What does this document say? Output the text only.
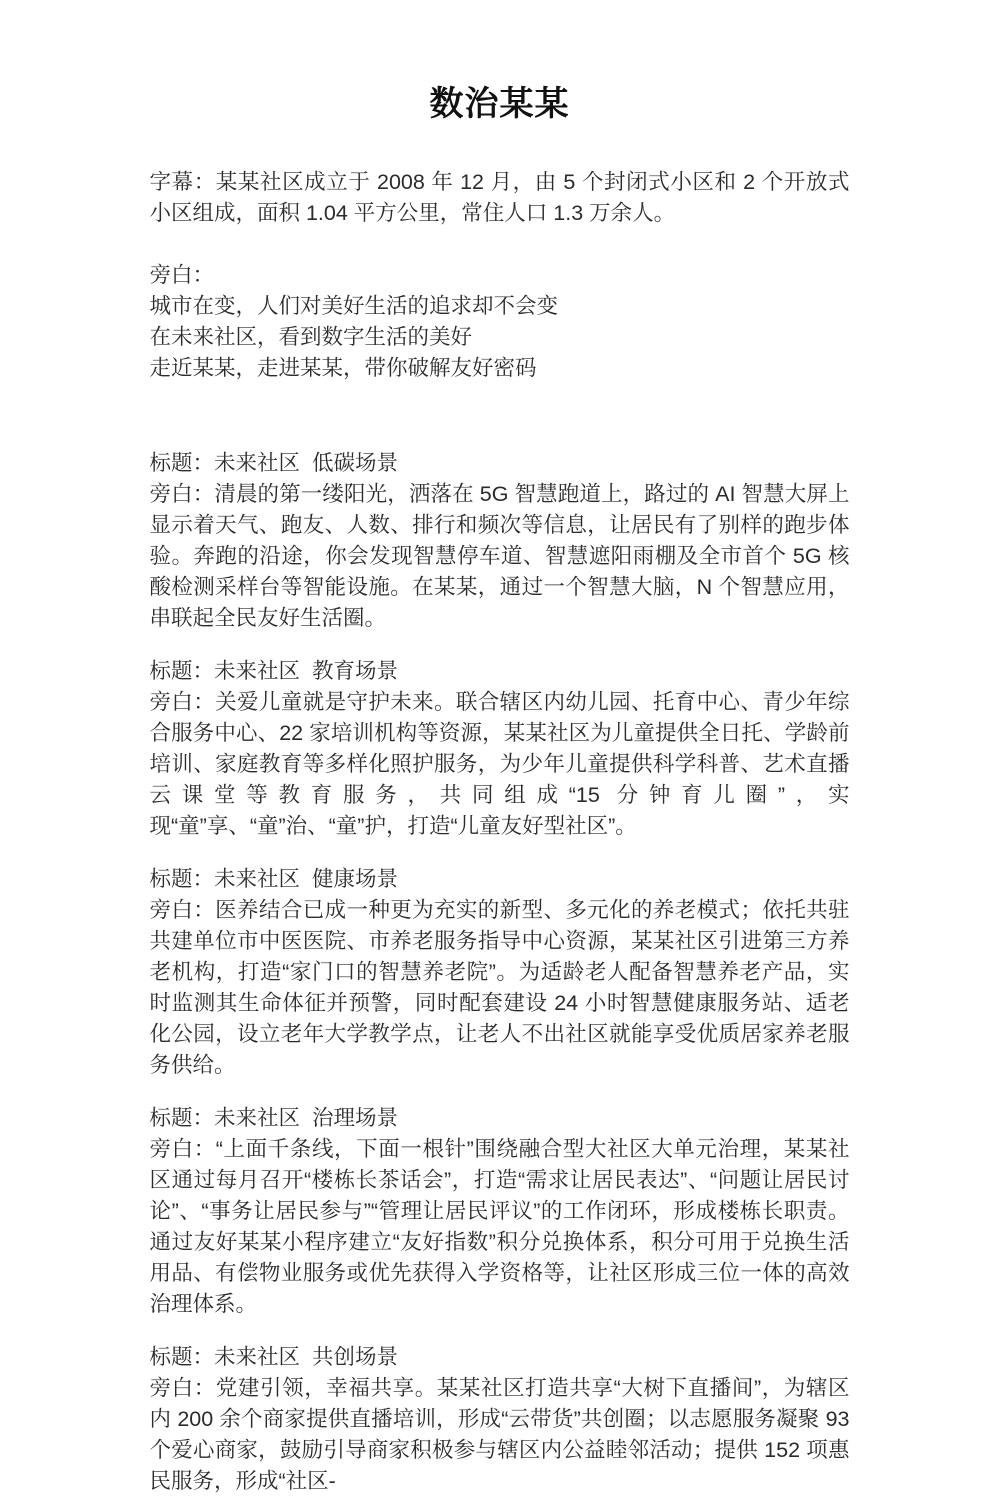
数治某某

字幕：某某社区成立于 2008 年 12 月，由 5 个封闭式小区和 2 个开放式小区组成，面积 1.04 平方公里，常住人口 1.3 万余人。

旁白：

城市在变，人们对美好生活的追求却不会变

在未来社区，看到数字生活的美好

走近某某，走进某某，带你破解友好密码

标题：未来社区  低碳场景

旁白：清晨的第一缕阳光，洒落在 5G 智慧跑道上，路过的 AI 智慧大屏上显示着天气、跑友、人数、排行和频次等信息，让居民有了别样的跑步体验。奔跑的沿途，你会发现智慧停车道、智慧遮阳雨棚及全市首个 5G 核酸检测采样台等智能设施。在某某，通过一个智慧大脑，N 个智慧应用，串联起全民友好生活圈。

标题：未来社区  教育场景

旁白：关爱儿童就是守护未来。联合辖区内幼儿园、托育中心、青少年综合服务中心、22 家培训机构等资源，某某社区为儿童提供全日托、学龄前培训、家庭教育等多样化照护服务，为少年儿童提供科学科普、艺术直播云课堂等教育服务，共同组成“15 分钟育儿圈”，实现“童”享、“童”治、“童”护，打造“儿童友好型社区”。

标题：未来社区  健康场景

旁白：医养结合已成一种更为充实的新型、多元化的养老模式；依托共驻共建单位市中医医院、市养老服务指导中心资源，某某社区引进第三方养老机构，打造“家门口的智慧养老院”。为适龄老人配备智慧养老产品，实时监测其生命体征并预警，同时配套建设 24 小时智慧健康服务站、适老化公园，设立老年大学教学点，让老人不出社区就能享受优质居家养老服务供给。

标题：未来社区  治理场景

旁白：“上面千条线，下面一根针”围绕融合型大社区大单元治理，某某社区通过每月召开“楼栋长茶话会”，打造“需求让居民表达”、“问题让居民讨论”、“事务让居民参与”“管理让居民评议”的工作闭环，形成楼栋长职责。通过友好某某小程序建立“友好指数”积分兑换体系，积分可用于兑换生活用品、有偿物业服务或优先获得入学资格等，让社区形成三位一体的高效治理体系。

标题：未来社区  共创场景

旁白：党建引领，幸福共享。某某社区打造共享“大树下直播间”，为辖区内 200 余个商家提供直播培训，形成“云带货”共创圈；以志愿服务凝聚 93 个爱心商家，鼓励引导商家积极参与辖区内公益睦邻活动；提供 152 项惠民服务，形成“社区-
